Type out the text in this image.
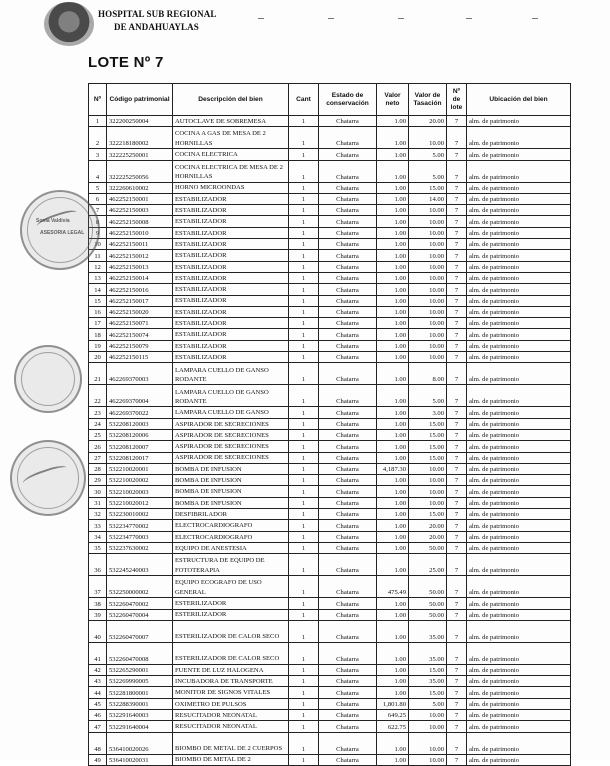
HOSPITAL SUB REGIONAL
DE ANDAHUAYLAS
LOTE Nº 7
Nº	Código patrimonial	Descripción del bien	Cant	Estado de conservación	Valor neto	Valor de Tasación	Nº de lote	Ubicación del bien
1	322200250004	AUTOCLAVE DE SOBREMESA	1	Chatarra	1.00	20.00	7	alm. de patrimonio
2	322218180002	COCINA A GAS DE MESA DE 2 HORNILLAS	1	Chatarra	1.00	10.00	7	alm. de patrimonio
3	322225250001	COCINA ELECTRICA	1	Chatarra	1.00	5.00	7	alm. de patrimonio
4	322225250056	COCINA ELECTRICA DE MESA DE 2 HORNILLAS	1	Chatarra	1.00	5.00	7	alm. de patrimonio
5	322260610002	HORNO MICROONDAS	1	Chatarra	1.00	15.00	7	alm. de patrimonio
6	462252150001	ESTABILIZADOR	1	Chatarra	1.00	14.00	7	alm. de patrimonio
7	462252150003	ESTABILIZADOR	1	Chatarra	1.00	10.00	7	alm. de patrimonio
8	462252150008	ESTABILIZADOR	1	Chatarra	1.00	10.00	7	alm. de patrimonio
9	462252150010	ESTABILIZADOR	1	Chatarra	1.00	10.00	7	alm. de patrimonio
10	462252150011	ESTABILIZADOR	1	Chatarra	1.00	10.00	7	alm. de patrimonio
11	462252150012	ESTABILIZADOR	1	Chatarra	1.00	10.00	7	alm. de patrimonio
12	462252150013	ESTABILIZADOR	1	Chatarra	1.00	10.00	7	alm. de patrimonio
13	462252150014	ESTABILIZADOR	1	Chatarra	1.00	10.00	7	alm. de patrimonio
14	462252150016	ESTABILIZADOR	1	Chatarra	1.00	10.00	7	alm. de patrimonio
15	462252150017	ESTABILIZADOR	1	Chatarra	1.00	10.00	7	alm. de patrimonio
16	462252150020	ESTABILIZADOR	1	Chatarra	1.00	10.00	7	alm. de patrimonio
17	462252150071	ESTABILIZADOR	1	Chatarra	1.00	10.00	7	alm. de patrimonio
18	462252150074	ESTABILIZADOR	1	Chatarra	1.00	10.00	7	alm. de patrimonio
19	462252150079	ESTABILIZADOR	1	Chatarra	1.00	10.00	7	alm. de patrimonio
20	462252150115	ESTABILIZADOR	1	Chatarra	1.00	10.00	7	alm. de patrimonio
21	462269370003	LAMPARA CUELLO DE GANSO RODANTE	1	Chatarra	1.00	8.00	7	alm. de patrimonio
22	462269370004	LAMPARA CUELLO DE GANSO RODANTE	1	Chatarra	1.00	5.00	7	alm. de patrimonio
23	462269370022	LAMPARA CUELLO DE GANSO	1	Chatarra	1.00	3.00	7	alm. de patrimonio
24	532208120003	ASPIRADOR DE SECRECIONES	1	Chatarra	1.00	15.00	7	alm. de patrimonio
25	532208120006	ASPIRADOR DE SECRECIONES	1	Chatarra	1.00	15.00	7	alm. de patrimonio
26	532208120007	ASPIRADOR DE SECRECIONES	1	Chatarra	1.00	15.00	7	alm. de patrimonio
27	532208120017	ASPIRADOR DE SECRECIONES	1	Chatarra	1.00	15.00	7	alm. de patrimonio
28	532210020001	BOMBA DE INFUSION	1	Chatarra	4,187.30	10.00	7	alm. de patrimonio
29	532210020002	BOMBA DE INFUSION	1	Chatarra	1.00	10.00	7	alm. de patrimonio
30	532210020003	BOMBA DE INFUSION	1	Chatarra	1.00	10.00	7	alm. de patrimonio
31	532210020012	BOMBA DE INFUSION	1	Chatarra	1.00	10.00	7	alm. de patrimonio
32	532230010002	DESFIBRILADOR	1	Chatarra	1.00	15.00	7	alm. de patrimonio
33	532234770002	ELECTROCARDIOGRAFO	1	Chatarra	1.00	20.00	7	alm. de patrimonio
34	532234770003	ELECTROCARDIOGRAFO	1	Chatarra	1.00	20.00	7	alm. de patrimonio
35	532237630002	EQUIPO DE ANESTESIA	1	Chatarra	1.00	50.00	7	alm. de patrimonio
36	532245240003	ESTRUCTURA DE EQUIPO DE FOTOTERAPIA	1	Chatarra	1.00	25.00	7	alm. de patrimonio
37	532250000002	EQUIPO ECOGRAFO DE USO GENERAL	1	Chatarra	475.49	50.00	7	alm. de patrimonio
38	532260470002	ESTERILIZADOR	1	Chatarra	1.00	50.00	7	alm. de patrimonio
39	532260470004	ESTERILIZADOR	1	Chatarra	1.00	50.00	7	alm. de patrimonio
40	532260470007	ESTERILIZADOR DE CALOR SECO	1	Chatarra	1.00	35.00	7	alm. de patrimonio
41	532260470008	ESTERILIZADOR DE CALOR SECO	1	Chatarra	1.00	35.00	7	alm. de patrimonio
42	532265290001	FUENTE DE LUZ HALOGENA	1	Chatarra	1.00	15.00	7	alm. de patrimonio
43	532269990005	INCUBADORA DE TRANSPORTE	1	Chatarra	1.00	35.00	7	alm. de patrimonio
44	532281800001	MONITOR DE SIGNOS VITALES	1	Chatarra	1.00	15.00	7	alm. de patrimonio
45	532288390001	OXIMETRO DE PULSOS	1	Chatarra	1,801.80	5.00	7	alm. de patrimonio
46	532291640003	RESUCITADOR NEONATAL	1	Chatarra	649.25	10.00	7	alm. de patrimonio
47	532291640004	RESUCITADOR NEONATAL	1	Chatarra	622.75	10.00	7	alm. de patrimonio
48	536410020026	BIOMBO DE METAL DE 2 CUERPOS	1	Chatarra	1.00	10.00	7	alm. de patrimonio
49	536410020031	BIOMBO DE METAL DE 2	1	Chatarra	1.00	10.00	7	alm. de patrimonio
Sonia Valdivia
ASESORIA LEGAL
